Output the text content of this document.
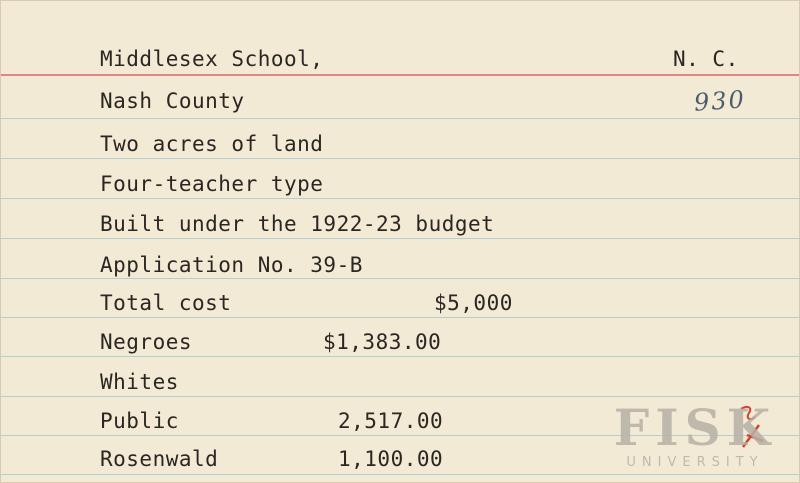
Middlesex School,	N. C.
Nash County	930
Two acres of land
Four-teacher type
Built under the 1922-23 budget
Application No. 39-B
Total cost	$5,000
Negroes	$1,383.00
Whites
Public	2,517.00
Rosenwald	1,100.00
FISK
UNIVERSITY
